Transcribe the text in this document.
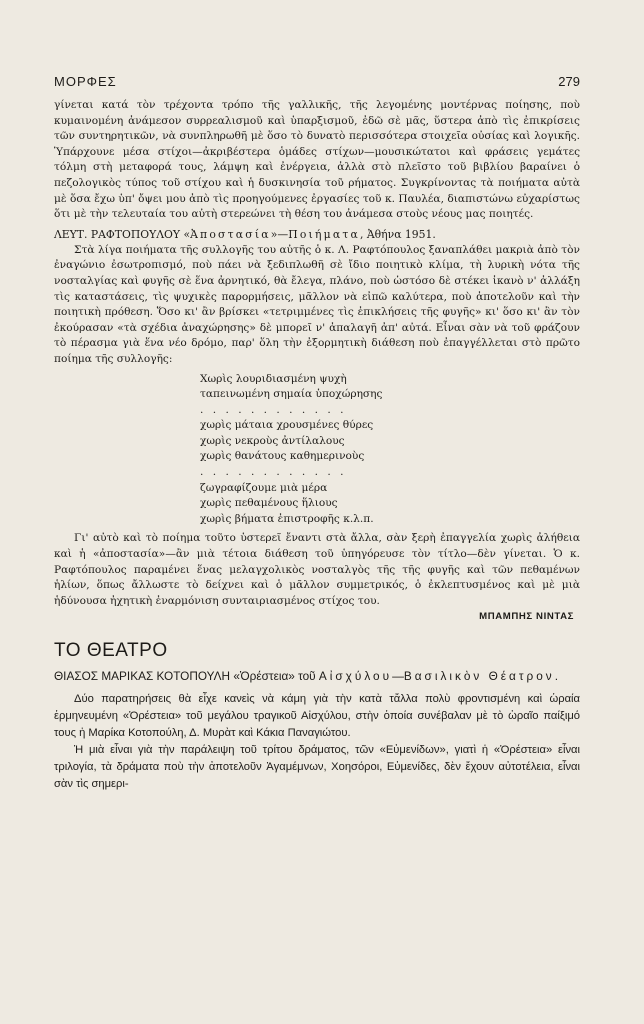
ΜΟΡΦΕΣ	279

γίνεται κατά τὸν τρέχοντα τρόπο τῆς γαλλικῆς, τῆς λεγομένης μοντέρνας ποίησης, ποὺ κυμαινομένη ἀνάμεσον συρρεαλισμοῦ καὶ ὑπαρξισμοῦ, ἐδῶ σὲ μᾶς, ὕστερα ἀπὸ τὶς ἐπικρίσεις τῶν συντηρητικῶν, νὰ συνπληρωθῆ μὲ ὅσο τὸ δυνατὸ περισσότερα στοιχεῖα οὐσίας καὶ λογικῆς. Ὑπάρχουνε μέσα στίχοι—ἀκριβέστερα ὁμάδες στίχων—μουσικώτατοι καὶ φράσεις γεμάτες τόλμη στὴ μεταφορά τους, λάμψη καὶ ἐνέργεια, ἀλλὰ στὸ πλεῖστο τοῦ βιβλίου βαραίνει ὁ πεζολογικὸς τύπος τοῦ στίχου καὶ ἡ δυσκινησία τοῦ ρήματος. Συγκρίνοντας τὰ ποιήματα αὐτὰ μὲ ὅσα ἔχω ὑπ' ὄψει μου ἀπὸ τὶς προηγούμενες ἐργασίες τοῦ κ. Παυλέα, διαπιστώνω εὐχαρίστως ὅτι μὲ τὴν τελευταία του αὐτὴ στερεώνει τὴ θέση του ἀνάμεσα στοὺς νέους μας ποιητές.

ΛΕΥΤ. ΡΑΦΤΟΠΟΥΛΟΥ «Ἀποστασία»—Ποιήματα, Ἀθήνα 1951.

Στὰ λίγα ποιήματα τῆς συλλογῆς του αὐτῆς ὁ κ. Λ. Ραφτόπουλος ξαναπλάθει μακριὰ ἀπὸ τὸν ἐναγώνιο ἐσωτροπισμό, ποὺ πάει νὰ ξεδιπλωθῆ σὲ ἴδιο ποιητικὸ κλίμα, τὴ λυρικὴ νότα τῆς νοσταλγίας καὶ φυγῆς σὲ ἕνα ἀρνητικό, θὰ ἔλεγα, πλάνο, ποὺ ὡστόσο δὲ στέκει ἱκανὸ ν' ἀλλάξη τὶς καταστάσεις, τὶς ψυχικὲς παρορμήσεις, μᾶλλον νὰ εἰπῶ καλύτερα, ποὺ ἀποτελοῦν καὶ τὴν ποιητικὴ πρόθεση. Ὅσο κι' ἂν βρίσκει «τετριμμένες τὶς ἐπικλήσεις τῆς φυγῆς» κι' ὅσο κι' ἂν τὸν ἐκούρασαν «τὰ σχέδια ἀναχώρησης» δὲ μπορεῖ ν' ἀπαλαγῆ ἀπ' αὐτά. Εἶναι σὰν νὰ τοῦ φράζουν τὸ πέρασμα γιὰ ἕνα νέο δρόμο, παρ' ὅλη τὴν ἐξορμητικὴ διάθεση ποὺ ἐπαγγέλλεται στὸ πρῶτο ποίημα τῆς συλλογῆς:

Χωρὶς λουριδιασμένη ψυχὴ
ταπεινωμένη σημαία ὑποχώρησης
. . . . . . . . . . . .
χωρὶς μάταια χρουσμένες θύρες
χωρὶς νεκροὺς ἀντίλαλους
χωρὶς θανάτους καθημερινοὺς
. . . . . . . . . . . .
ζωγραφίζουμε μιὰ μέρα
χωρὶς πεθαμένους ἥλιους
χωρὶς βήματα ἐπιστροφῆς κ.λ.π.

Γι' αὐτὸ καὶ τὸ ποίημα τοῦτο ὑστερεῖ ἔναντι στὰ ἄλλα, σὰν ξερὴ ἐπαγγελία χωρὶς ἀλήθεια καὶ ἡ «ἀποστασία»—ἂν μιὰ τέτοια διάθεση τοῦ ὑπηγόρευσε τὸν τίτλο—δὲν γίνεται. Ὁ κ. Ραφτόπουλος παραμένει ἕνας μελαγχολικὸς νοσταλγὸς τῆς τῆς φυγῆς καὶ τῶν πεθαμένων ἡλίων, ὅπως ἄλλωστε τὸ δείχνει καὶ ὁ μᾶλλον συμμετρικός, ὁ ἐκλεπτυσμένος καὶ μὲ μιὰ ἡδύνουσα ἠχητικὴ ἐναρμόνιση συνταιριασμένος στίχος του.

ΜΠΑΜΠΗΣ ΝΙΝΤΑΣ
ΤΟ ΘΕΑΤΡΟ
ΘΙΑΣΟΣ ΜΑΡΙΚΑΣ ΚΟΤΟΠΟΥΛΗ «Ὀρέστεια» τοῦ Αἰσχύλου—Βασιλικὸν Θέατρον.

Δύο παρατηρήσεις θὰ εἶχε κανεὶς νὰ κάμη γιὰ τὴν κατὰ τἄλλα πολὺ φροντισμένη καὶ ὡραία ἑρμηνευμένη «Ὀρέστεια» τοῦ μεγάλου τραγικοῦ Αἰσχύλου, στὴν ὁποία συνέβαλαν μὲ τὸ ὡραῖο παίξιμό τους ἡ Μαρίκα Κοτοπούλη, Δ. Μυρὰτ καὶ Κάκια Παναγιώτου.

Ἡ μιὰ εἶναι γιὰ τὴν παράλειψη τοῦ τρίτου δράματος, τῶν «Εὐμενίδων», γιατὶ ἡ «Ὀρέστεια» εἶναι τριλογία, τὰ δράματα ποὺ τὴν ἀποτελοῦν Ἀγαμέμνων, Χοησόροι, Εὐμενίδες, δὲν ἔχουν αὐτοτέλεια, εἶναι σὰν τὶς σημερι-
